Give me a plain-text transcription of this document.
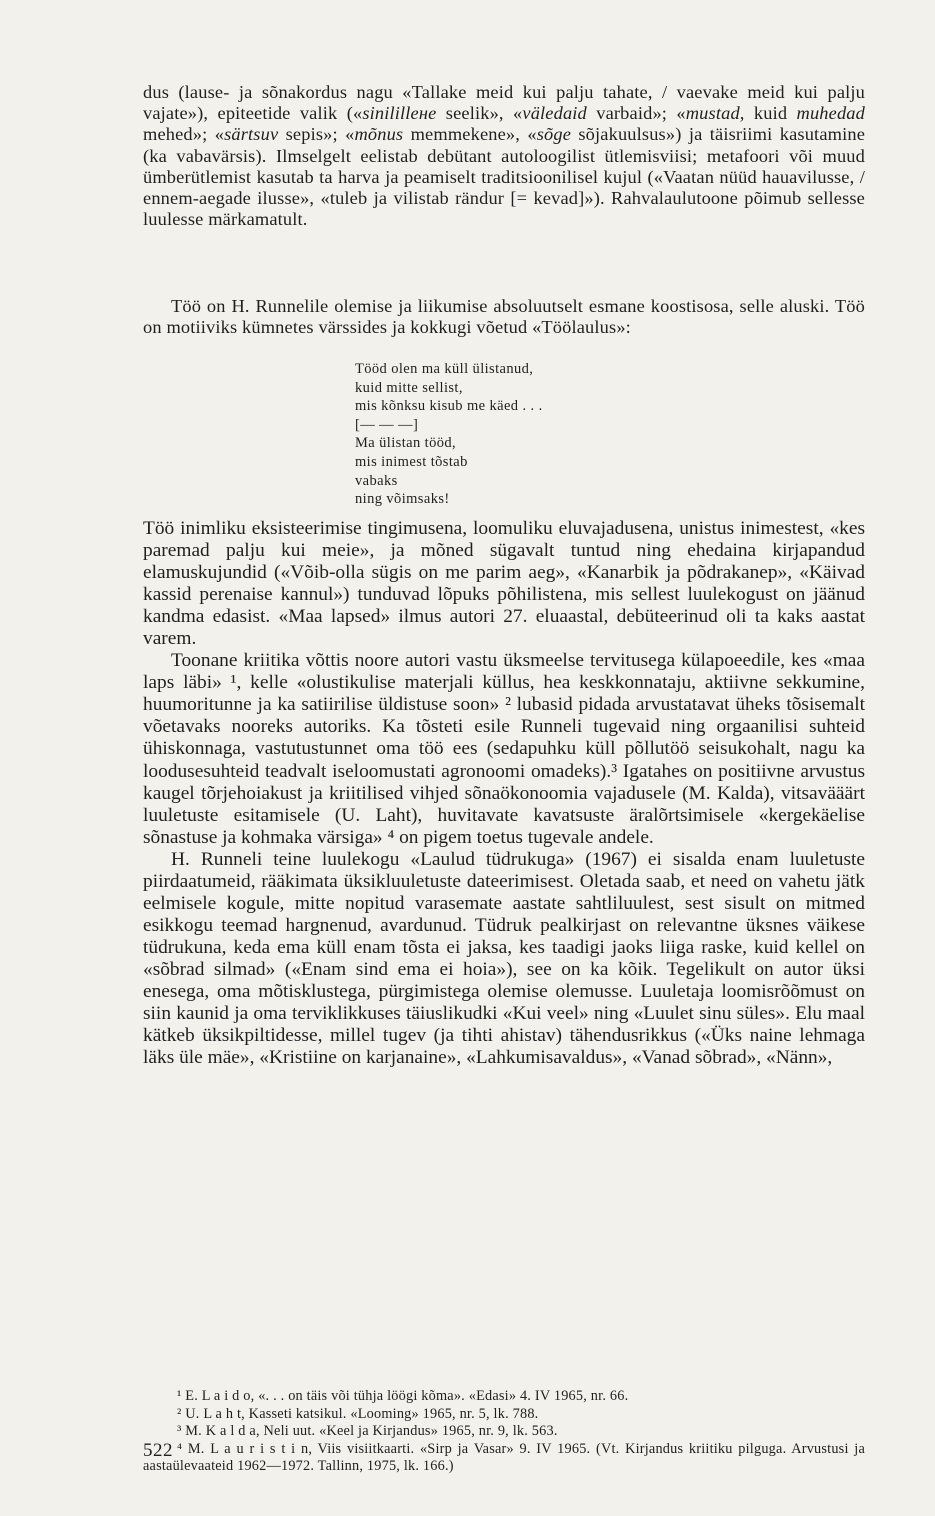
dus (lause- ja sõnakordus nagu «Tallake meid kui palju tahate, / vaevake meid kui palju vajate»), epiteetide valik («sinililleне seelik», «väledaid varbaid»; «mustad, kuid muhedad mehed»; «särtsuv sepis»; «mõnus memmekene», «sõge sõjakuulsus») ja täisriimi kasutamine (ka vabavärsis). Ilmselgelt eelistab debütant autoloogilist ütlemisviisi; metafoori või muud ümberütlemist kasutab ta harva ja peamiselt traditsioonilisel kujul («Vaatan nüüd hauavilusse, / ennem-aegade ilusse», «tuleb ja vilistab rändur [= kevad]»). Rahvalaulutoone põimub sellesse luulesse märkamatult.

Töö on H. Runnelile olemise ja liikumise absoluutselt esmane koostisosa, selle aluski. Töö on motiiviks kümnetes värssides ja kokkugi võetud «Töölaulus»:

Tööd olen ma küll ülistanud,
kuid mitte sellist,
mis kõnksu kisub me käed . . .
[— — —]
Ma ülistan tööd,
mis inimest tõstab
vabaks
ning võimsaks!

Töö inimliku eksisteerimise tingimusena, loomuliku eluvajadusena, unistus inimestest, «kes paremad palju kui meie», ja mõned sügavalt tuntud ning ehedaina kirjapandud elamuskujundid («Võib-olla sügis on me parim aeg», «Kanarbik ja põdrakanep», «Käivad kassid perenaise kannul») tunduvad lõpuks põhilistena, mis sellest luulekogust on jäänud kandma edasist. «Maa lapsed» ilmus autori 27. eluaastal, debüteerinud oli ta kaks aastat varem.

Toonane kriitika võttis noore autori vastu üksmeelse tervitusega külapoeedile, kes «maa laps läbi» ¹, kelle «olustikulise materjali küllus, hea keskkonnataju, aktiivne sekkumine, huumoritunne ja ka satiirilise üldistuse soon» ² lubasid pidada arvustatavat üheks tõsisemalt võetavaks nooreks autoriks. Ka tõsteti esile Runneli tugevaid ning orgaanilisi suhteid ühiskonnaga, vastutustunnet oma töö ees (sedapuhku küll põllutöö seisukohalt, nagu ka loodusesuhteid teadvalt iseloomustati agronoomi omadeks).³ Igatahes on positiivne arvustus kaugel tõrjehoiakust ja kriitilised vihjed sõnaökonoomia vajadusele (M. Kalda), vitsavääärt luuletuste esitamisele (U. Laht), huvitavate kavatsuste äralõrtsimisele «kergekäelise sõnastuse ja kohmaka värsiga» ⁴ on pigem toetus tugevale andele.

H. Runneli teine luulekogu «Laulud tüdrukuga» (1967) ei sisalda enam luuletuste piirdaatumeid, rääkimata üksikluuletuste dateerimisest. Oletada saab, et need on vahetu jätk eelmisele kogule, mitte nopitud varasemate aastate sahtliluulest, sest sisult on mitmed esikkogu teemad hargnenud, avardunud. Tüdruk pealkirjast on relevantne üksnes väikese tüdrukuna, keda ema küll enam tõsta ei jaksa, kes taadigi jaoks liiga raske, kuid kellel on «sõbrad silmad» («Enam sind ema ei hoia»), see on ka kõik. Tegelikult on autor üksi enesega, oma mõtisklustega, pürgimistega olemise olemusse. Luuletaja loomisrõõmust on siin kaunid ja oma terviklikkuses täiuslikudki «Kui veel» ning «Luulet sinu süles». Elu maal kätkeb üksikpiltidesse, millel tugev (ja tihti ahistav) tähendusrikkus («Üks naine lehmaga läks üle mäe», «Kristiine on karjanaine», «Lahkumisavaldus», «Vanad sõbrad», «Nänn»,

¹ E. L a i d o, «. . . on täis või tühja löögi kõma». «Edasi» 4. IV 1965, nr. 66.

² U. L a h t, Kasseti katsikul. «Looming» 1965, nr. 5, lk. 788.

³ M. K a l d a, Neli uut. «Keel ja Kirjandus» 1965, nr. 9, lk. 563.

⁴ M. L a u r i s t i n, Viis visiitkaarti. «Sirp ja Vasar» 9. IV 1965. (Vt. Kirjandus kriitiku pilguga. Arvustusi ja aastaülevaateid 1962—1972. Tallinn, 1975, lk. 166.)

522
